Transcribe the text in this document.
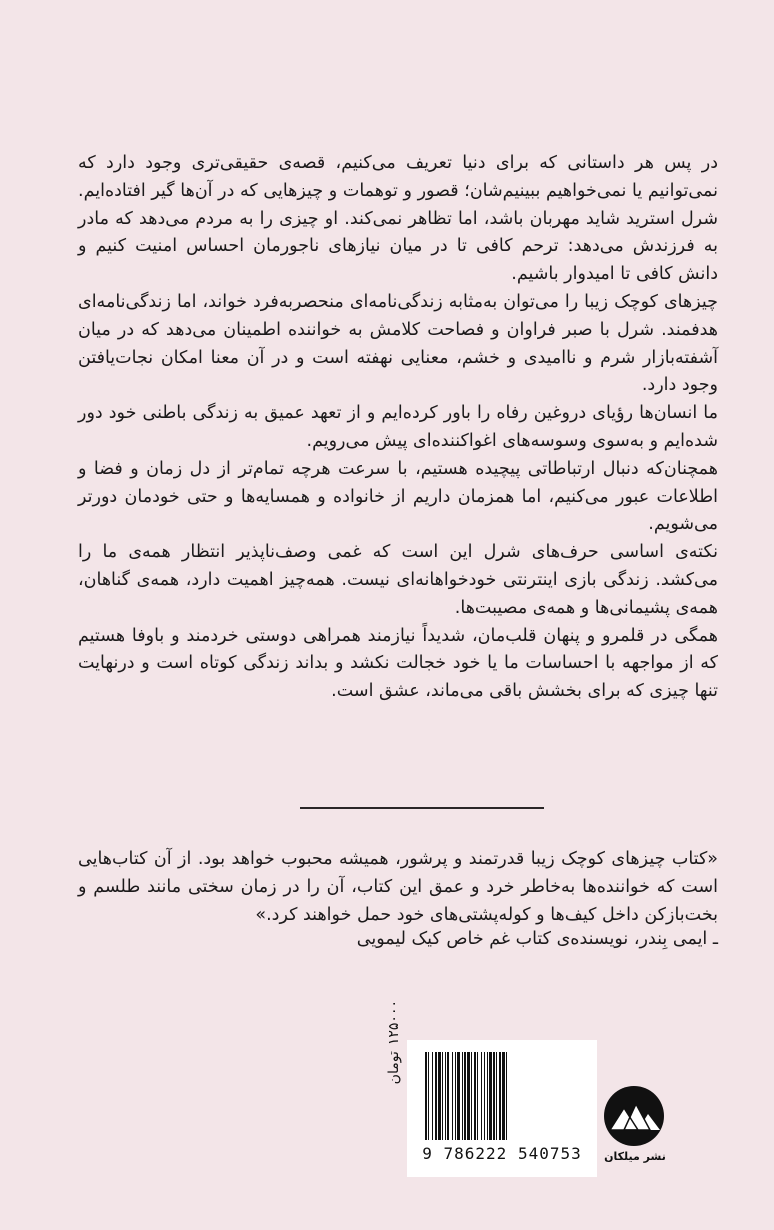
در پس هر داستانی که برای دنیا تعریف می‌کنیم، قصه‌ی حقیقی‌تری وجود دارد که نمی‌توانیم یا نمی‌خواهیم ببینیم‌شان؛ قصور و توهمات و چیزهایی که در آن‌ها گیر افتاده‌ایم. شرل استرید شاید مهربان باشد، اما تظاهر نمی‌کند. او چیزی را به مردم می‌دهد که مادر به فرزندش می‌دهد: ترحم کافی تا در میان نیازهای ناجورمان احساس امنیت کنیم و دانش کافی تا امیدوار باشیم.

چیزهای کوچک زیبا را می‌توان به‌مثابه زندگی‌نامه‌ای منحصربه‌فرد خواند، اما زندگی‌نامه‌ای هدفمند. شرل با صبر فراوان و فصاحت کلامش به خواننده اطمینان می‌دهد که در میان آشفته‌بازار شرم و ناامیدی و خشم، معنایی نهفته است و در آن معنا امکان نجات‌یافتن وجود دارد.

ما انسان‌ها رؤیای دروغین رفاه را باور کرده‌ایم و از تعهد عمیق به زندگی باطنی خود دور شده‌ایم و به‌سوی وسوسه‌های اغواکننده‌ای پیش می‌رویم.

همچنان‌که دنبال ارتباطاتی پیچیده هستیم، با سرعت هرچه تمام‌تر از دل زمان و فضا و اطلاعات عبور می‌کنیم، اما همزمان داریم از خانواده و همسایه‌ها و حتی خودمان دورتر می‌شویم.

نکته‌ی اساسی حرف‌های شرل این است که غمی وصف‌ناپذیر انتظار همه‌ی ما را می‌کشد. زندگی بازی اینترنتی خودخواهانه‌ای نیست. همه‌چیز اهمیت دارد، همه‌ی گناهان، همه‌ی پشیمانی‌ها و همه‌ی مصیبت‌ها.

همگی در قلمرو و پنهان قلب‌مان، شدیداً نیازمند همراهی دوستی خردمند و باوفا هستیم که از مواجهه با احساسات ما یا خود خجالت نکشد و بداند زندگی کوتاه است و درنهایت تنها چیزی که برای بخشش باقی می‌ماند، عشق است.

«کتاب چیزهای کوچک زیبا قدرتمند و پرشور، همیشه محبوب خواهد بود. از آن کتاب‌هایی است که خواننده‌ها به‌خاطر خرد و عمق این کتاب، آن را در زمان سختی مانند طلسم و بخت‌بازکن داخل کیف‌ها و کوله‌پشتی‌های خود حمل خواهند کرد.»

ـ ایمی بِندر، نویسنده‌ی کتاب غم خاص کیک لیمویی
۱۲۵۰۰۰تومان
9 786222 540753	نشر میلکان
